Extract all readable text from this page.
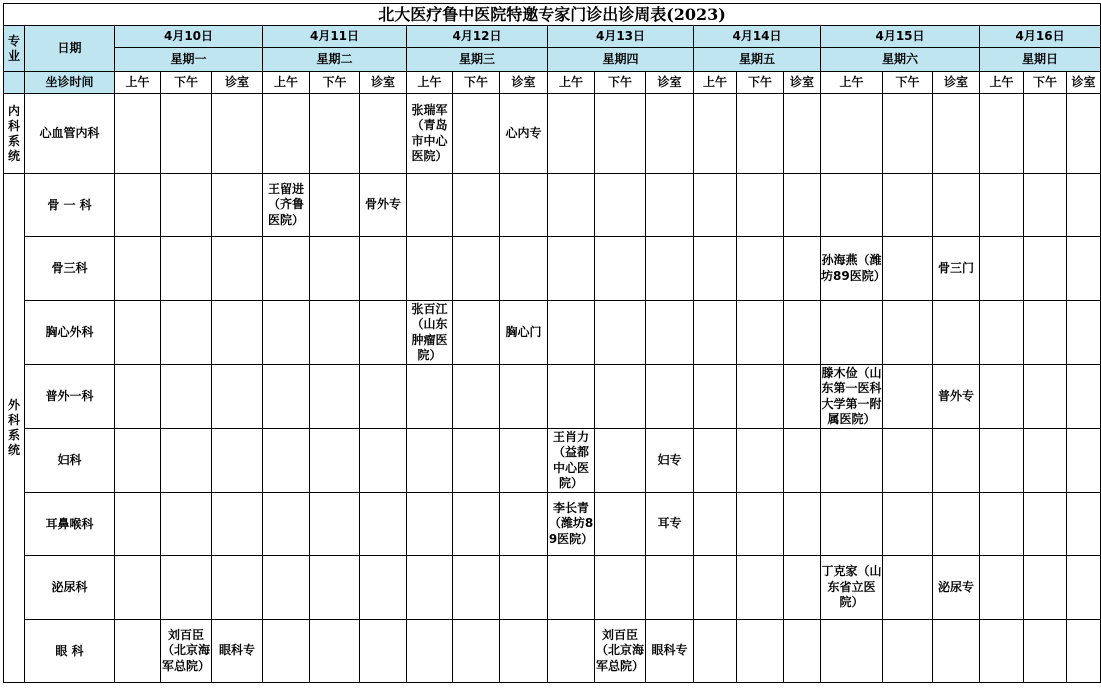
北大医疗鲁中医院特邀专家门诊出诊周表(2023)																						
专业	日期	4月10日			4月11日			4月12日			4月13日			4月14日			4月15日			4月16日		
		星期一			星期二			星期三			星期四			星期五			星期六			星期日		
	坐诊时间	上午	下午	诊室	上午	下午	诊室	上午	下午	诊室	上午	下午	诊室	上午	下午	诊室	上午	下午	诊室	上午	下午	诊室
内科系统	心血管内科							张瑞军（青岛市中心医院）		心内专												
外科系统	骨 一 科				王留进（齐鲁医院）		骨外专															
	骨三科																孙海燕（潍坊89医院）		骨三门			
	胸心外科							张百江（山东肿瘤医院）		胸心门												
	普外一科																滕木俭（山东第一医科大学第一附属医院）		普外专			
	妇科										王肖力（益都中心医院）		妇专									
	耳鼻喉科										李长青（潍坊89医院）		耳专									
	泌尿科																丁克家（山东省立医院）		泌尿专			
	眼 科		刘百臣（北京海军总院）	眼科专								刘百臣（北京海军总院）	眼科专									
